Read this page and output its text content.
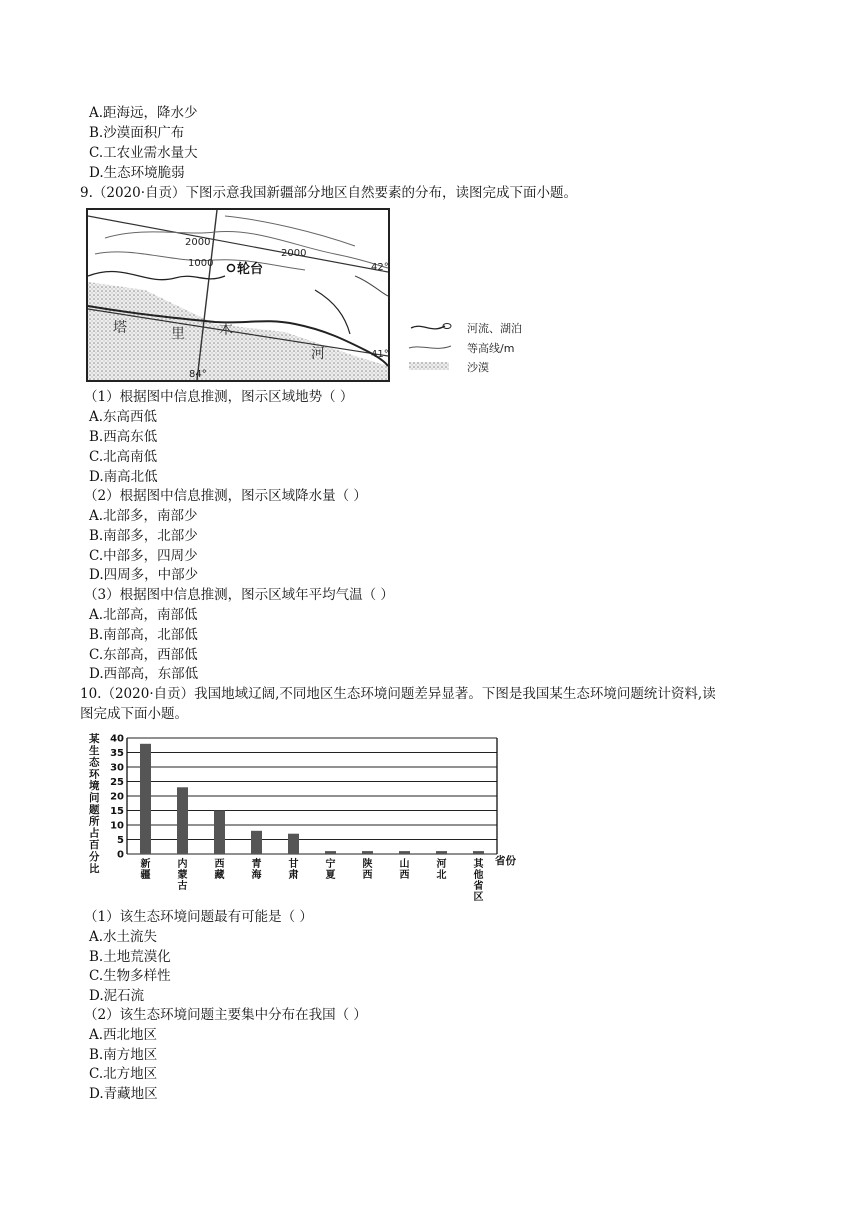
A.距海远，降水少
B.沙漠面积广布
C.工农业需水量大
D.生态环境脆弱
9.（2020·自贡）下图示意我国新疆部分地区自然要素的分布，读图完成下面小题。
2000
1000
2000
轮台
塔	里 木
河
42°
41°
84°
河流、湖泊
等高线/m
沙漠
（1）根据图中信息推测，图示区域地势（ ）
A.东高西低
B.西高东低
C.北高南低
D.南高北低
（2）根据图中信息推测，图示区域降水量（ ）
A.北部多，南部少
B.南部多，北部少
C.中部多，四周少
D.四周多，中部少
（3）根据图中信息推测，图示区域年平均气温（ ）
A.北部高，南部低
B.南部高，北部低
C.东部高，西部低
D.西部高，东部低
10.（2020·自贡）我国地域辽阔,不同地区生态环境问题差异显著。下图是我国某生态环境问题统计资料,读
图完成下面小题。
某
生
态
环
境
问
题
所
占
百
分
比
0
5
10
15
20
25
30
35
40
新疆
内蒙古
西藏
青海
甘肃
宁夏
陕西
山西
河北
其他省区
省份
（1）该生态环境问题最有可能是（ ）
A.水土流失
B.土地荒漠化
C.生物多样性
D.泥石流
（2）该生态环境问题主要集中分布在我国（ ）
A.西北地区
B.南方地区
C.北方地区
D.青藏地区
